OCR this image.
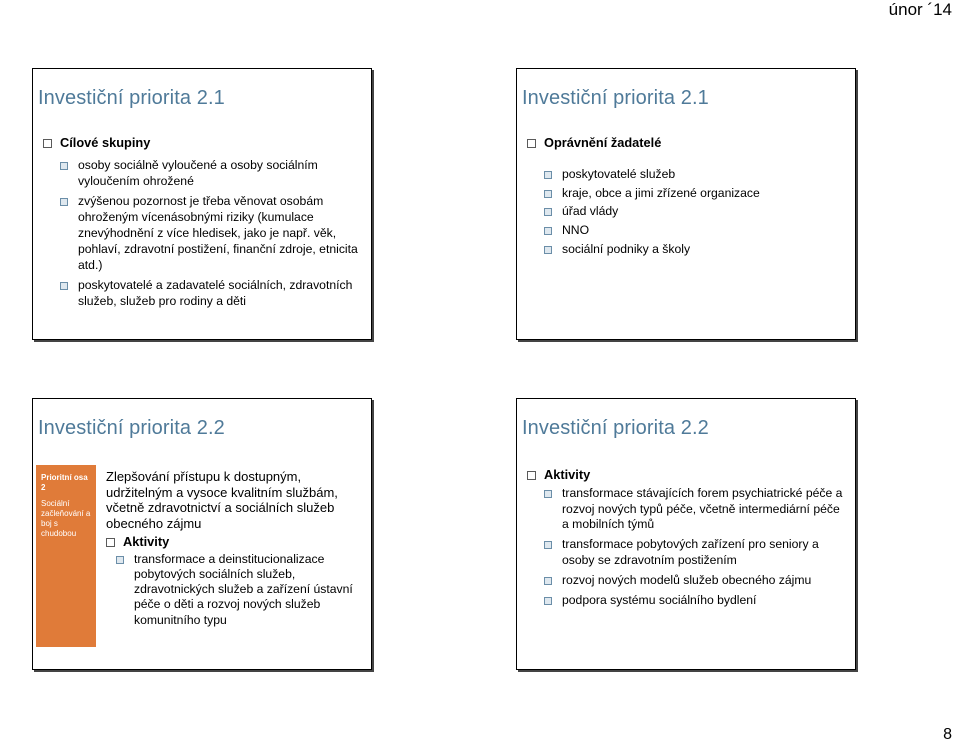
únor ´14
Investiční priorita 2.1
Cílové skupiny
osoby sociálně vyloučené a osoby sociálním vyloučením ohrožené
zvýšenou pozornost je třeba věnovat osobám ohroženým vícenásobnými riziky (kumulace znevýhodnění z více hledisek, jako je např. věk, pohlaví, zdravotní postižení, finanční zdroje, etnicita atd.)
poskytovatelé a zadavatelé sociálních, zdravotních služeb, služeb pro rodiny a děti
Investiční priorita 2.1
Oprávnění žadatelé
poskytovatelé služeb
kraje, obce a jimi zřízené organizace
úřad vlády
NNO
sociální podniky a školy
Investiční priorita 2.2
Prioritní osa 2
Sociální začleňování a boj s chudobou
Zlepšování přístupu k dostupným, udržitelným a vysoce kvalitním službám, včetně zdravotnictví a sociálních služeb obecného zájmu
Aktivity
transformace a deinstitucionalizace pobytových sociálních služeb, zdravotnických služeb a zařízení ústavní péče o děti a rozvoj nových služeb komunitního typu
Investiční priorita 2.2
Aktivity
transformace stávajících forem psychiatrické péče a rozvoj nových typů péče, včetně intermediární péče a mobilních týmů
transformace pobytových zařízení pro seniory a osoby se zdravotním postižením
rozvoj nových modelů služeb obecného zájmu
podpora systému sociálního bydlení
8
